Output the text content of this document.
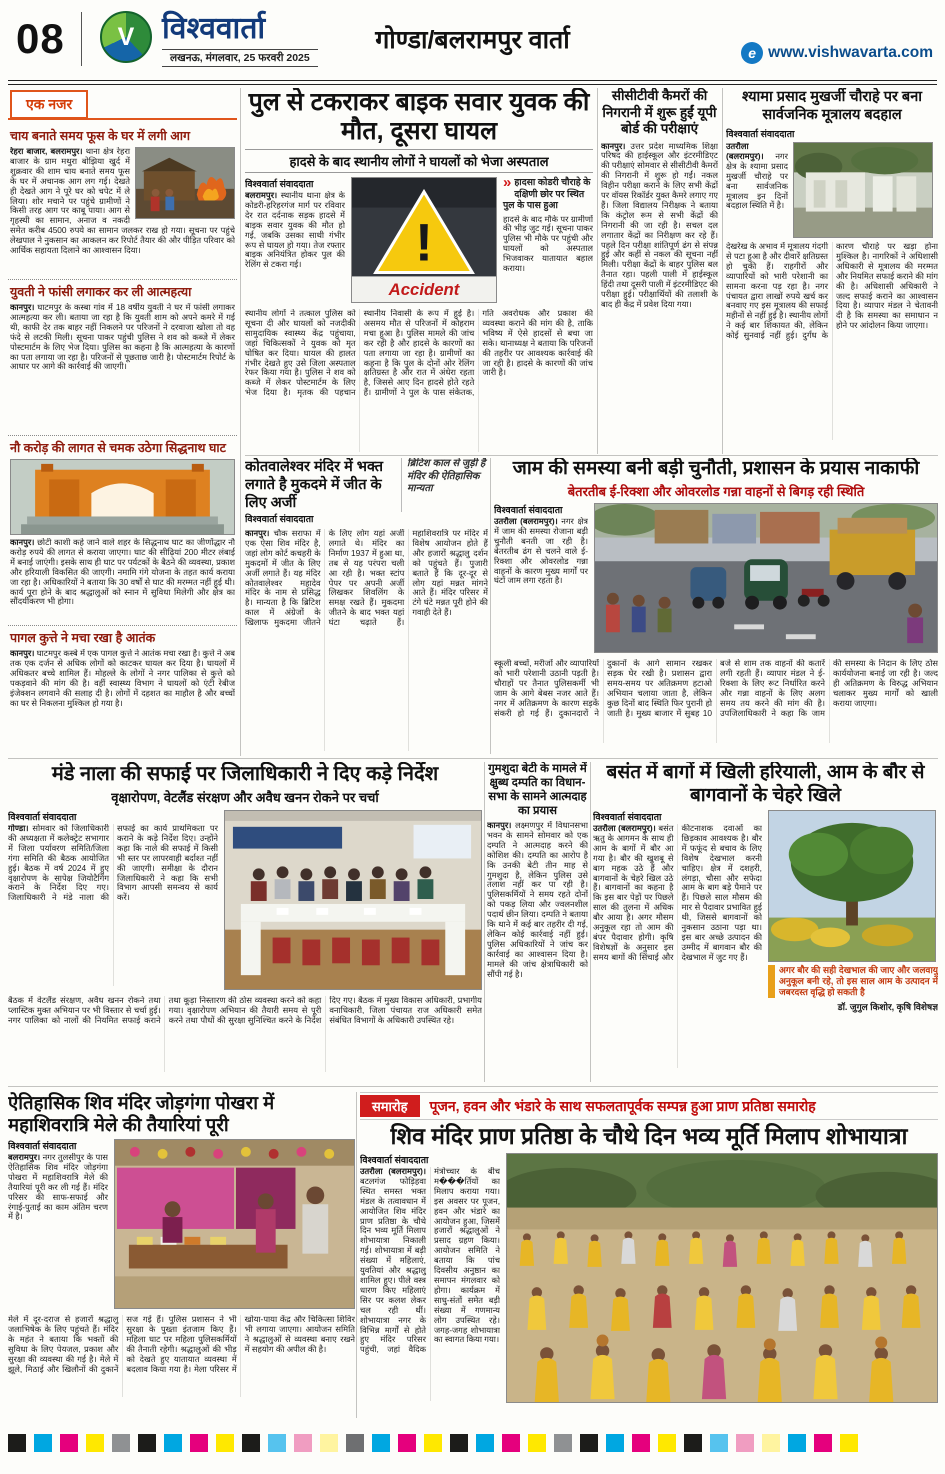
08	V विश्ववार्ता
लखनऊ, मंगलवार, 25 फरवरी 2025
गोण्डा/बलरामपुर वार्ता	e www.vishwavarta.com
एक नजर
चाय बनाते समय फूस के घर में लगी आग
रेहरा बाजार, बलरामपुर। थाना क्षेत्र रेहरा बाजार के ग्राम मथुरा बोझिया खुर्द में शुक्रवार की शाम चाय बनाते समय फूस के घर में अचानक आग लग गई। देखते ही देखते आग ने पूरे घर को चपेट में ले लिया। शोर मचाने पर पहुंचे ग्रामीणों ने किसी तरह आग पर काबू पाया। आग से गृहस्थी का सामान, अनाज व नकदी समेत करीब 4500 रुपये का सामान जलकर राख हो गया। सूचना पर पहुंचे लेखपाल ने नुकसान का आकलन कर रिपोर्ट तैयार की और पीड़ित परिवार को आर्थिक सहायता दिलाने का आश्वासन दिया।
युवती ने फांसी लगाकर कर ली आत्महत्या
कानपुर। घाटमपुर के कस्बा गांव में 18 वर्षीय युवती ने घर में फांसी लगाकर आत्महत्या कर ली। बताया जा रहा है कि युवती शाम को अपने कमरे में गई थी, काफी देर तक बाहर नहीं निकलने पर परिजनों ने दरवाजा खोला तो वह फंदे से लटकी मिली। सूचना पाकर पहुंची पुलिस ने शव को कब्जे में लेकर पोस्टमार्टम के लिए भेज दिया। पुलिस का कहना है कि आत्महत्या के कारणों का पता लगाया जा रहा है। परिजनों से पूछताछ जारी है। पोस्टमार्टम रिपोर्ट के आधार पर आगे की कार्रवाई की जाएगी।
नौ करोड़ की लागत से चमक उठेगा सिद्धनाथ घाट
कानपुर। छोटी काशी कहे जाने वाले शहर के सिद्धनाथ घाट का जीर्णोद्धार नौ करोड़ रुपये की लागत से कराया जाएगा। घाट की सीढ़ियां 200 मीटर लंबाई में बनाई जाएंगी। इसके साथ ही घाट पर पर्यटकों के बैठने की व्यवस्था, प्रकाश और हरियाली विकसित की जाएगी। नमामि गंगे योजना के तहत कार्य कराया जा रहा है। अधिकारियों ने बताया कि 30 वर्षों से घाट की मरम्मत नहीं हुई थी। कार्य पूरा होने के बाद श्रद्धालुओं को स्नान में सुविधा मिलेगी और क्षेत्र का सौंदर्यीकरण भी होगा।
पागल कुत्ते ने मचा रखा है आतंक
कानपुर। घाटमपुर कस्बे में एक पागल कुत्ते ने आतंक मचा रखा है। कुत्ते ने अब तक एक दर्जन से अधिक लोगों को काटकर घायल कर दिया है। घायलों में अधिकतर बच्चे शामिल हैं। मोहल्ले के लोगों ने नगर पालिका से कुत्ते को पकड़वाने की मांग की है। वहीं स्वास्थ्य विभाग ने घायलों को एंटी रेबीज इंजेक्शन लगवाने की सलाह दी है। लोगों में दहशत का माहौल है और बच्चों का घर से निकलना मुश्किल हो गया है।
पुल से टकराकर बाइक सवार युवक की मौत, दूसरा घायल
हादसे के बाद स्थानीय लोगों ने घायलों को भेजा अस्पताल
विश्ववार्ता संवाददाता
बलरामपुर। स्थानीय थाना क्षेत्र के कोडरी-हरिहरगंज मार्ग पर रविवार देर रात दर्दनाक सड़क हादसे में बाइक सवार युवक की मौत हो गई, जबकि उसका साथी गंभीर रूप से घायल हो गया। तेज रफ्तार बाइक अनियंत्रित होकर पुल की रेलिंग से टकरा गई।	!
Accident
» हादसा कोडरी चौराहे के दक्षिणी छोर पर स्थित पुल के पास हुआ
हादसे के बाद मौके पर ग्रामीणों की भीड़ जुट गई। सूचना पाकर पुलिस भी मौके पर पहुंची और घायलों को अस्पताल भिजवाकर यातायात बहाल कराया।
स्थानीय लोगों ने तत्काल पुलिस को सूचना दी और घायलों को नजदीकी सामुदायिक स्वास्थ्य केंद्र पहुंचाया, जहां चिकित्सकों ने युवक को मृत घोषित कर दिया। घायल की हालत गंभीर देखते हुए उसे जिला अस्पताल रेफर किया गया है। पुलिस ने शव को कब्जे में लेकर पोस्टमार्टम के लिए भेज दिया है। मृतक की पहचान स्थानीय निवासी के रूप में हुई है। असमय मौत से परिजनों में कोहराम मचा हुआ है। पुलिस मामले की जांच कर रही है और हादसे के कारणों का पता लगाया जा रहा है। ग्रामीणों का कहना है कि पुल के दोनों ओर रेलिंग क्षतिग्रस्त है और रात में अंधेरा रहता है, जिससे आए दिन हादसे होते रहते हैं। ग्रामीणों ने पुल के पास संकेतक, गति अवरोधक और प्रकाश की व्यवस्था कराने की मांग की है, ताकि भविष्य में ऐसे हादसों से बचा जा सके। थानाध्यक्ष ने बताया कि परिजनों की तहरीर पर आवश्यक कार्रवाई की जा रही है। हादसे के कारणों की जांच जारी है।
सीसीटीवी कैमरों की निगरानी में शुरू हुईं यूपी बोर्ड की परीक्षाएं
कानपुर। उत्तर प्रदेश माध्यमिक शिक्षा परिषद की हाईस्कूल और इंटरमीडिएट की परीक्षाएं सोमवार से सीसीटीवी कैमरों की निगरानी में शुरू हो गईं। नकल विहीन परीक्षा कराने के लिए सभी केंद्रों पर वॉयस रिकॉर्डर युक्त कैमरे लगाए गए हैं। जिला विद्यालय निरीक्षक ने बताया कि कंट्रोल रूम से सभी केंद्रों की निगरानी की जा रही है। सचल दल लगातार केंद्रों का निरीक्षण कर रहे हैं। पहले दिन परीक्षा शांतिपूर्ण ढंग से संपन्न हुई और कहीं से नकल की सूचना नहीं मिली। परीक्षा केंद्रों के बाहर पुलिस बल तैनात रहा। पहली पाली में हाईस्कूल हिंदी तथा दूसरी पाली में इंटरमीडिएट की परीक्षा हुई। परीक्षार्थियों की तलाशी के बाद ही केंद्र में प्रवेश दिया गया।
श्यामा प्रसाद मुखर्जी चौराहे पर बना सार्वजनिक मूत्रालय बदहाल
विश्ववार्ता संवाददाता
उतरौला (बलरामपुर)। नगर क्षेत्र के श्यामा प्रसाद मुखर्जी चौराहे पर बना सार्वजनिक मूत्रालय इन दिनों बदहाल स्थिति में है।
देखरेख के अभाव में मूत्रालय गंदगी से पटा हुआ है और दीवारें क्षतिग्रस्त हो चुकी हैं। राहगीरों और व्यापारियों को भारी परेशानी का सामना करना पड़ रहा है। नगर पंचायत द्वारा लाखों रुपये खर्च कर बनवाए गए इस मूत्रालय की सफाई महीनों से नहीं हुई है। स्थानीय लोगों ने कई बार शिकायत की, लेकिन कोई सुनवाई नहीं हुई। दुर्गंध के कारण चौराहे पर खड़ा होना मुश्किल है। नागरिकों ने अधिशासी अधिकारी से मूत्रालय की मरम्मत और नियमित सफाई कराने की मांग की है। अधिशासी अधिकारी ने जल्द सफाई कराने का आश्वासन दिया है। व्यापार मंडल ने चेतावनी दी है कि समस्या का समाधान न होने पर आंदोलन किया जाएगा।
कोतवालेश्वर मंदिर में भक्त लगाते है मुकदमे में जीत के लिए अर्जी
ब्रिटिश काल से जुड़ी है मंदिर की ऐतिहासिक मान्यता
विश्ववार्ता संवाददाता
कानपुर। चौक सराफा में एक ऐसा शिव मंदिर है, जहां लोग कोर्ट कचहरी के मुकदमों में जीत के लिए अर्जी लगाते हैं। यह मंदिर कोतवालेश्वर महादेव मंदिर के नाम से प्रसिद्ध है। मान्यता है कि ब्रिटिश काल में अंग्रेजों के खिलाफ मुकदमा जीतने के लिए लोग यहां अर्जी लगाते थे। मंदिर का निर्माण 1937 में हुआ था, तब से यह परंपरा चली आ रही है। भक्त स्टांप पेपर पर अपनी अर्जी लिखकर शिवलिंग के समक्ष रखते हैं। मुकदमा जीतने के बाद भक्त यहां घंटा चढ़ाते हैं। महाशिवरात्रि पर मंदिर में विशेष आयोजन होते हैं और हजारों श्रद्धालु दर्शन को पहुंचते हैं। पुजारी बताते हैं कि दूर-दूर से लोग यहां मन्नत मांगने आते हैं। मंदिर परिसर में टंगे घंटे मन्नत पूरी होने की गवाही देते हैं।
जाम की समस्या बनी बड़ी चुनौती, प्रशासन के प्रयास नाकाफी
बेतरतीब ई-रिक्शा और ओवरलोड गन्ना वाहनों से बिगड़ रही स्थिति
विश्ववार्ता संवाददाता
उतरौला (बलरामपुर)। नगर क्षेत्र में जाम की समस्या रोजाना बड़ी चुनौती बनती जा रही है। बेतरतीब ढंग से चलने वाले ई-रिक्शा और ओवरलोड गन्ना वाहनों के कारण मुख्य मार्गों पर घंटों जाम लगा रहता है।
स्कूली बच्चों, मरीजों और व्यापारियों को भारी परेशानी उठानी पड़ती है। चौराहों पर तैनात पुलिसकर्मी भी जाम के आगे बेबस नजर आते हैं। नगर में अतिक्रमण के कारण सड़कें संकरी हो गई हैं। दुकानदारों ने दुकानों के आगे सामान रखकर सड़क घेर रखी है। प्रशासन द्वारा समय-समय पर अतिक्रमण हटाओ अभियान चलाया जाता है, लेकिन कुछ दिनों बाद स्थिति फिर पुरानी हो जाती है। मुख्य बाजार में सुबह 10 बजे से शाम तक वाहनों की कतारें लगी रहती हैं। व्यापार मंडल ने ई-रिक्शा के लिए रूट निर्धारित करने और गन्ना वाहनों के लिए अलग समय तय करने की मांग की है। उपजिलाधिकारी ने कहा कि जाम की समस्या के निदान के लिए ठोस कार्ययोजना बनाई जा रही है। जल्द ही अतिक्रमण के विरुद्ध अभियान चलाकर मुख्य मार्गों को खाली कराया जाएगा।
मंडे नाला की सफाई पर जिलाधिकारी ने दिए कड़े निर्देश
वृक्षारोपण, वेटलैंड संरक्षण और अवैध खनन रोकने पर चर्चा
विश्ववार्ता संवाददाता
गोण्डा। सोमवार को जिलाधिकारी की अध्यक्षता में कलेक्ट्रेट सभागार में जिला पर्यावरण समिति/जिला गंगा समिति की बैठक आयोजित हुई। बैठक में वर्ष 2024 में हुए वृक्षारोपण के सापेक्ष जियोटैगिंग कराने के निर्देश दिए गए। जिलाधिकारी ने मंडे नाला की सफाई का कार्य प्राथमिकता पर कराने के कड़े निर्देश दिए। उन्होंने कहा कि नाले की सफाई में किसी भी स्तर पर लापरवाही बर्दाश्त नहीं की जाएगी। समीक्षा के दौरान जिलाधिकारी ने कहा कि सभी विभाग आपसी समन्वय से कार्य करें।
बैठक में वेटलैंड संरक्षण, अवैध खनन रोकने तथा प्लास्टिक मुक्त अभियान पर भी विस्तार से चर्चा हुई। नगर पालिका को नालों की नियमित सफाई कराने तथा कूड़ा निस्तारण की ठोस व्यवस्था करने को कहा गया। वृक्षारोपण अभियान की तैयारी समय से पूरी करने तथा पौधों की सुरक्षा सुनिश्चित करने के निर्देश दिए गए। बैठक में मुख्य विकास अधिकारी, प्रभागीय वनाधिकारी, जिला पंचायत राज अधिकारी समेत संबंधित विभागों के अधिकारी उपस्थित रहे।
गुमशुदा बेटी के मामले में क्षुब्ध दम्पति का विधान-सभा के सामने आत्मदाह का प्रयास
कानपुर। लक्ष्मणपुर में विधानसभा भवन के सामने सोमवार को एक दम्पति ने आत्मदाह करने की कोशिश की। दम्पति का आरोप है कि उनकी बेटी तीन माह से गुमशुदा है, लेकिन पुलिस उसे तलाश नहीं कर पा रही है। पुलिसकर्मियों ने समय रहते दोनों को पकड़ लिया और ज्वलनशील पदार्थ छीन लिया। दम्पति ने बताया कि थाने में कई बार तहरीर दी गई, लेकिन कोई कार्रवाई नहीं हुई। पुलिस अधिकारियों ने जांच कर कार्रवाई का आश्वासन दिया है। मामले की जांच क्षेत्राधिकारी को सौंपी गई है।
बसंत में बागों में खिली हरियाली, आम के बौर से बागवानों के चेहरे खिले
विश्ववार्ता संवाददाता
उतरौला (बलरामपुर)। बसंत ऋतु के आगमन के साथ ही आम के बागों में बौर आ गया है। बौर की खुशबू से बाग महक उठे हैं और बागवानों के चेहरे खिल उठे हैं। बागवानों का कहना है कि इस बार पेड़ों पर पिछले साल की तुलना में अधिक बौर आया है। अगर मौसम अनुकूल रहा तो आम की बंपर पैदावार होगी। कृषि विशेषज्ञों के अनुसार इस समय बागों की सिंचाई और कीटनाशक दवाओं का छिड़काव आवश्यक है। बौर में फफूंद से बचाव के लिए विशेष देखभाल करनी चाहिए। क्षेत्र में दशहरी, लंगड़ा, चौसा और सफेदा आम के बाग बड़े पैमाने पर हैं। पिछले साल मौसम की मार से पैदावार प्रभावित हुई थी, जिससे बागवानों को नुकसान उठाना पड़ा था। इस बार अच्छे उत्पादन की उम्मीद में बागवान बौर की देखभाल में जुट गए हैं।
अगर बौर की सही देखभाल की जाए और जलवायु अनुकूल बनी रहे, तो इस साल आम के उत्पादन में जबरदस्त वृद्धि हो सकती है
डॉ. जुगुल किशोर, कृषि विशेषज्ञ
ऐतिहासिक शिव मंदिर जोड़गंगा पोखरा में महाशिवरात्रि मेले की तैयारियां पूरी
विश्ववार्ता संवाददाता
बलरामपुर। नगर तुलसीपुर के पास ऐतिहासिक शिव मंदिर जोड़गंगा पोखरा में महाशिवरात्रि मेले की तैयारियां पूरी कर ली गई हैं। मंदिर परिसर की साफ-सफाई और रंगाई-पुताई का काम अंतिम चरण में है।
मेले में दूर-दराज से हजारों श्रद्धालु जलाभिषेक के लिए पहुंचते हैं। मंदिर के महंत ने बताया कि भक्तों की सुविधा के लिए पेयजल, प्रकाश और सुरक्षा की व्यवस्था की गई है। मेले में झूले, मिठाई और खिलौनों की दुकानें सज गई हैं। पुलिस प्रशासन ने भी सुरक्षा के पुख्ता इंतजाम किए हैं। महिला घाट पर महिला पुलिसकर्मियों की तैनाती रहेगी। श्रद्धालुओं की भीड़ को देखते हुए यातायात व्यवस्था में बदलाव किया गया है। मेला परिसर में खोया-पाया केंद्र और चिकित्सा शिविर भी लगाया जाएगा। आयोजन समिति ने श्रद्धालुओं से व्यवस्था बनाए रखने में सहयोग की अपील की है।
समारोह	पूजन, हवन और भंडारे के साथ सफलतापूर्वक सम्पन्न हुआ प्राण प्रतिष्ठा समारोह
शिव मंदिर प्राण प्रतिष्ठा के चौथे दिन भव्य मूर्ति मिलाप शोभायात्रा
विश्ववार्ता संवाददाता
उतरौला (बलरामपुर)। बटलगंज फोड़िहवा स्थित समस्त भक्त मंडल के तत्वावधान में आयोजित शिव मंदिर प्राण प्रतिष्ठा के चौथे दिन भव्य मूर्ति मिलाप शोभायात्रा निकाली गई। शोभायात्रा में बड़ी संख्या में महिलाएं, युवतियां और श्रद्धालु शामिल हुए। पीले वस्त्र धारण किए महिलाएं सिर पर कलश लेकर चल रही थीं। शोभायात्रा नगर के विभिन्न मार्गों से होते हुए मंदिर परिसर पहुंची, जहां वैदिक मंत्रोच्चार के बीच म���र्तियों का मिलाप कराया गया। इस अवसर पर पूजन, हवन और भंडारे का आयोजन हुआ, जिसमें हजारों श्रद्धालुओं ने प्रसाद ग्रहण किया। आयोजन समिति ने बताया कि पांच दिवसीय अनुष्ठान का समापन मंगलवार को होगा। कार्यक्रम में साधु-संतों समेत बड़ी संख्या में गणमान्य लोग उपस्थित रहे। जगह-जगह शोभायात्रा का स्वागत किया गया।
